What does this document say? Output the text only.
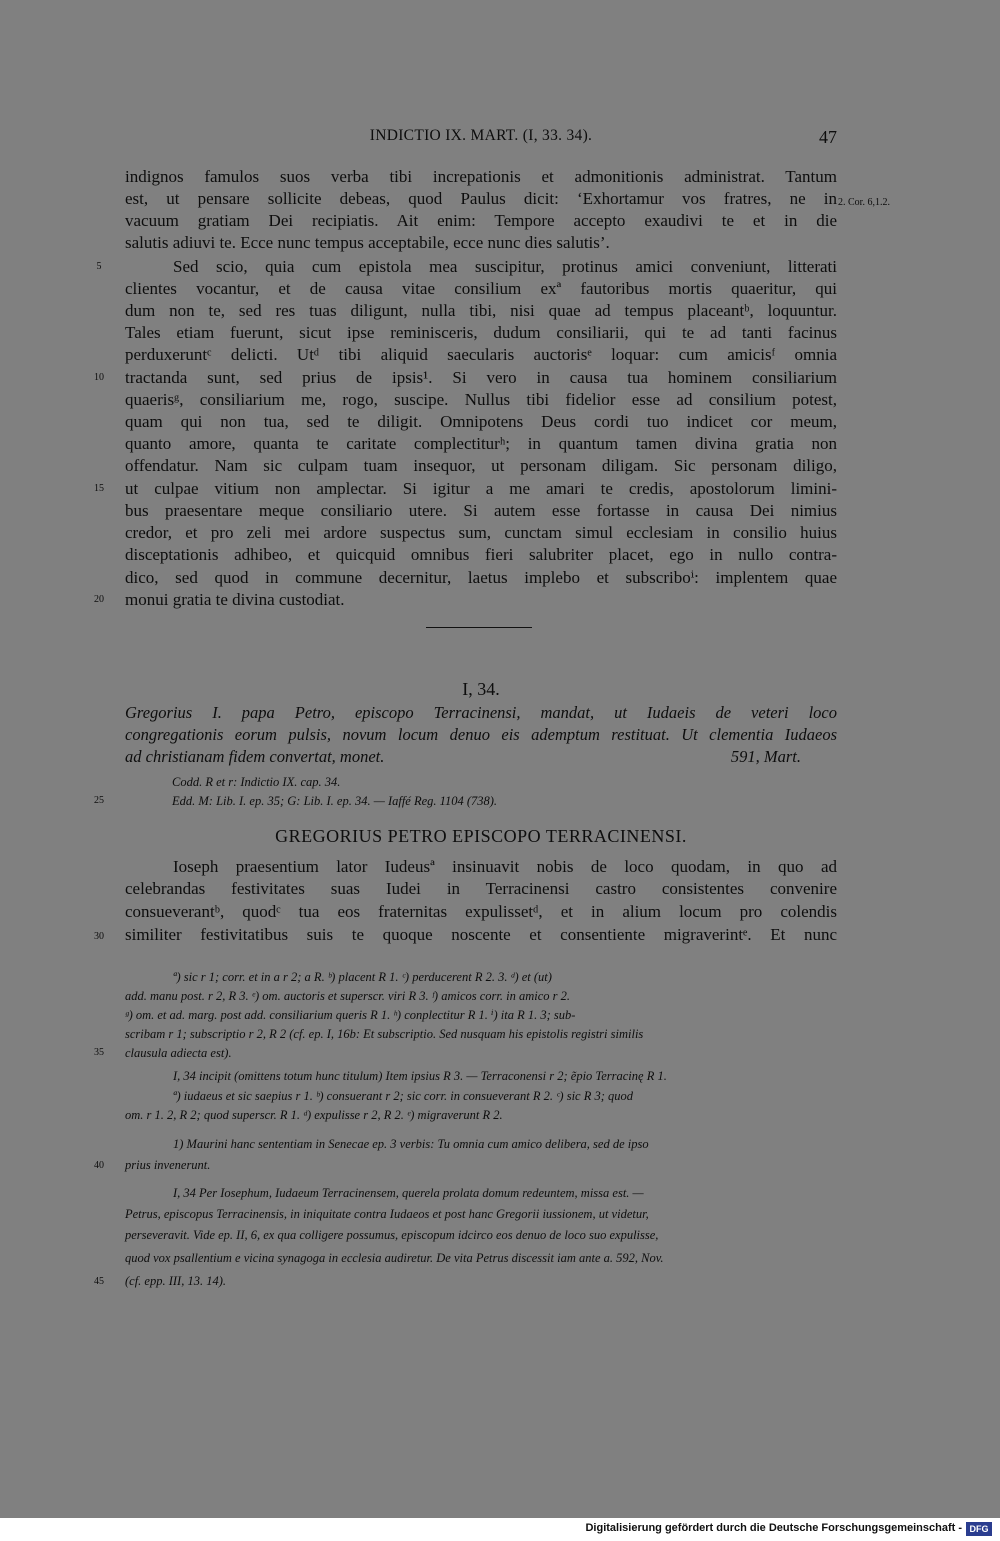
INDICTIO IX. MART. (I, 33. 34).	47
indignos famulos suos verba tibi increpationis et admonitionis administrat. Tantum
est, ut pensare sollicite debeas, quod Paulus dicit: ‘Exhortamur vos fratres, ne in
vacuum gratiam Dei recipiatis. Ait enim: Tempore accepto exaudivi te et in die
salutis adiuvi te. Ecce nunc tempus acceptabile, ecce nunc dies salutis’.
Sed scio, quia cum epistola mea suscipitur, protinus amici conveniunt, litterati
clientes vocantur, et de causa vitae consilium exª fautoribus mortis quaeritur, qui
dum non te, sed res tuas diligunt, nulla tibi, nisi quae ad tempus placeantᵇ, loquuntur.
Tales etiam fuerunt, sicut ipse reminisceris, dudum consiliarii, qui te ad tanti facinus
perduxeruntᶜ delicti. Utᵈ tibi aliquid saecularis auctorisᵉ loquar: cum amicisᶠ omnia
tractanda sunt, sed prius de ipsis¹. Si vero in causa tua hominem consiliarium
quaerisᵍ, consiliarium me, rogo, suscipe. Nullus tibi fidelior esse ad consilium potest,
quam qui non tua, sed te diligit. Omnipotens Deus cordi tuo indicet cor meum,
quanto amore, quanta te caritate complectiturʰ; in quantum tamen divina gratia non
offendatur. Nam sic culpam tuam insequor, ut personam diligam. Sic personam diligo,
ut culpae vitium non amplectar. Si igitur a me amari te credis, apostolorum limini-
bus praesentare meque consiliario utere. Si autem esse fortasse in causa Dei nimius
credor, et pro zeli mei ardore suspectus sum, cunctam simul ecclesiam in consilio huius
disceptationis adhibeo, et quicquid omnibus fieri salubriter placet, ego in nullo contra-
dico, sed quod in commune decernitur, laetus implebo et subscriboⁱ: implentem quae
monui gratia te divina custodiat.
2. Cor. 6,1.2.
I, 34.
Gregorius I. papa Petro, episcopo Terracinensi, mandat, ut Iudaeis de veteri loco
congregationis eorum pulsis, novum locum denuo eis ademptum restituat. Ut clementia Iudaeos
ad christianam fidem convertat, monet.	591, Mart.
Codd. R et r: Indictio IX. cap. 34.
Edd. M: Lib. I. ep. 35; G: Lib. I. ep. 34. — Iaffé Reg. 1104 (738).
GREGORIUS PETRO EPISCOPO TERRACINENSI.
Ioseph praesentium lator Iudeusª insinuavit nobis de loco quodam, in quo ad
celebrandas festivitates suas Iudei in Terracinensi castro consistentes convenire
consueverantᵇ, quodᶜ tua eos fraternitas expulissetᵈ, et in alium locum pro colendis
similiter festivitatibus suis te quoque noscente et consentiente migraverintᵉ. Et nunc
ª) sic r 1; corr. et in a r 2; a R. ᵇ) placent R 1. ᶜ) perducerent R 2. 3. ᵈ) et (ut)
add. manu post. r 2, R 3. ᵉ) om. auctoris et superscr. viri R 3. ᶠ) amicos corr. in amico r 2.
ᵍ) om. et ad. marg. post add. consiliarium queris R 1. ʰ) conplectitur R 1. ⁱ) ita R 1. 3; sub-
scribam r 1; subscriptio r 2, R 2 (cf. ep. I, 16b: Et subscriptio. Sed nusquam his epistolis registri similis
clausula adiecta est).
I, 34 incipit (omittens totum hunc titulum) Item ipsius R 3. — Terraconensi r 2; ẽpio Terracinę R 1.
ª) iudaeus et sic saepius r 1. ᵇ) consuerant r 2; sic corr. in consueverant R 2. ᶜ) sic R 3; quod
om. r 1. 2, R 2; quod superscr. R 1. ᵈ) expulisse r 2, R 2. ᵉ) migraverunt R 2.
1) Maurini hanc sententiam in Senecae ep. 3 verbis: Tu omnia cum amico delibera, sed de ipso
prius invenerunt.
I, 34 Per Iosephum, Iudaeum Terracinensem, querela prolata domum redeuntem, missa est. —
Petrus, episcopus Terracinensis, in iniquitate contra Iudaeos et post hanc Gregorii iussionem, ut videtur,
perseveravit. Vide ep. II, 6, ex qua colligere possumus, episcopum idcirco eos denuo de loco suo expulisse,
quod vox psallentium e vicina synagoga in ecclesia audiretur. De vita Petrus discessit iam ante a. 592, Nov.
(cf. epp. III, 13. 14).
5
10
15
20
25
30
35
40
45
Digitalisierung gefördert durch die Deutsche Forschungsgemeinschaft - DFG
